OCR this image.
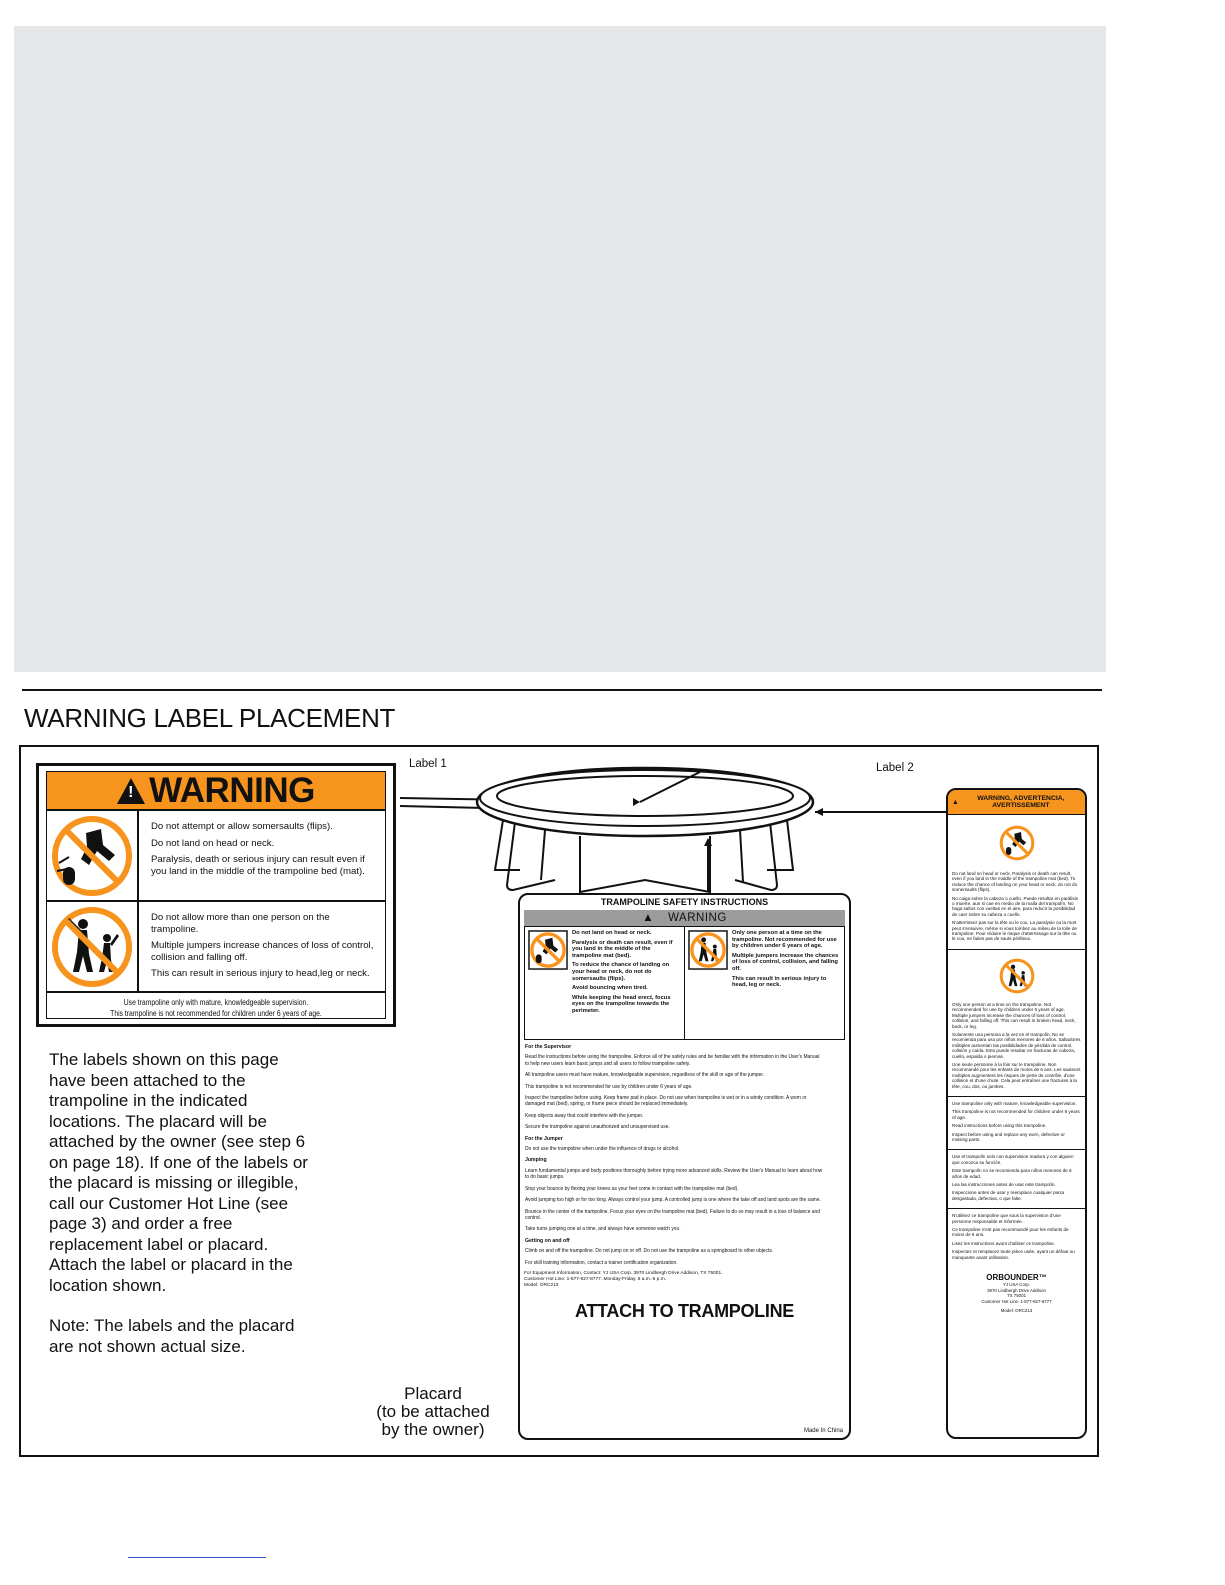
WARNING LABEL PLACEMENT
Label 1	Label 2
! WARNING
Do not attempt or allow somersaults (flips).
Do not land on head or neck.
Paralysis, death or serious injury can result even if you land in the middle of the trampoline bed (mat).
Do not allow more than one person on the trampoline.
Multiple jumpers increase chances of loss of control, collision and falling off.
This can result in serious injury to head,leg or neck.
Use trampoline only with mature, knowledgeable supervision.
This trampoline is not recommended for children under 6 years of age.

The labels shown on this page have been attached to the trampoline in the indicated locations. The placard will be attached by the owner (see step 6 on page 18). If one of the labels or the placard is missing or illegible, call our Customer Hot Line (see page 3) and order a free replacement label or placard. Attach the label or placard in the location shown.

Note: The labels and the placard are not shown actual size.

Placard
(to be attached
by the owner)
TRAMPOLINE SAFETY INSTRUCTIONS
▲ WARNING
Do not land on head or neck.
Paralysis or death can result, even if you land in the middle of the trampoline mat (bed).
To reduce the chance of landing on your head or neck, do not do somersaults (flips).
Avoid bouncing when tired.
While keeping the head erect, focus eyes on the trampoline towards the perimeter.
Only one person at a time on the trampoline. Not recommended for use by children under 6 years of age.
Multiple jumpers increase the chances of loss of control, collision, and falling off.
This can result in serious injury to head, leg or neck.
For the Supervisor

Read the instructions before using the trampoline. Enforce all of the safety rules and be familiar with the information in the User's Manual to help new users learn basic jumps and all users to follow trampoline safety.

All trampoline users must have mature, knowledgeable supervision, regardless of the skill or age of the jumper.

This trampoline is not recommended for use by children under 6 years of age.

Inspect the trampoline before using. Keep frame pad in place. Do not use when trampoline is wet or in a windy condition. A worn or damaged mat (bed), spring, or frame piece should be replaced immediately.

Keep objects away that could interfere with the jumper.

Secure the trampoline against unauthorized and unsupervised use.

For the Jumper

Do not use the trampoline when under the influence of drugs or alcohol.

Jumping

Learn fundamental jumps and body positions thoroughly before trying more advanced skills. Review the User's Manual to learn about how to do basic jumps.

Stop your bounce by flexing your knees as your feet come in contact with the trampoline mat (bed).

Avoid jumping too high or for too long. Always control your jump. A controlled jump is one where the take off and land spots are the same.

Bounce in the center of the trampoline. Focus your eyes on the trampoline mat (bed). Failure to do so may result in a loss of balance and control.

Take turns jumping one at a time, and always have someone watch you.

Getting on and off

Climb on and off the trampoline. Do not jump on or off. Do not use the trampoline as a springboard to other objects.

For skill training information, contact a trainer certification organization.

For Equipment Information, Contact: YJ USA Corp. 3970 Lindbergh Drive Addison, TX 75001.
Customer Hot Line: 1-877-927-8777. Monday-Friday, 8 a.m.-5 p.m.
Model: ORC213
ATTACH TO TRAMPOLINE
Made In China
▲	WARNING, ADVERTENCIA, AVERTISSEMENT

Do not land on head or neck. Paralysis or death can result, even if you land in the middle of the trampoline mat (bed). To reduce the chance of landing on your head or neck, do not do somersaults (flips).

No caiga sobre la cabeza o cuello. Puede resultar en parálisis o muerte, aun si cae en medio de la malla del trampolín. No haga saltos con vueltas en el aire, para reducir la posibilidad de caer sobre su cabeza o cuello.

N'atterrissez pas sur la tête ou le cou. La paralysie ou la mort peut s'ensuivre, même si vous tombez au milieu de la toile de trampoline. Pour réduire le risque d'atterrissage sur la tête ou le cou, ne faites pas de sauts périlleux.

Only one person at a time on the trampoline. Not recommended for use by children under 6 years of age. Multiple jumpers increase the chances of loss of control, collision, and falling off. This can result in broken head, neck, back, or leg.

Solamente una persona a la vez en el trampolín. No se recomienda para uso por niños menores de 6 años. Saltadores múltiples aumentan las posibilidades de pérdida de control, colisión y caída. Esto puede resultar en fracturas de cabeza, cuello, espalda o piernas.

Une seule personne à la fois sur le trampoline. Non recommandé pour les enfants de moins de 6 ans. Les sauteurs multiples augmentent les risques de perte de contrôle, d'une collision et d'une chute. Cela peut entraîner une fractures à la tête, cou, dos, ou jambes.

Use trampoline only with mature, knowledgeable supervision.

This trampoline is not recommended for children under 6 years of age.

Read instructions before using this trampoline.

Inspect before using and replace any worn, defective or missing parts.

Use el trampolín solo con supervision madura y con alguien que conozca su función.

Este trampolín no se recomienda para niños menores de 6 años de edad.

Lea las instrucciones antes de usar este trampolín.

Inspeccione antes de usar y reemplace cualquier pieza desgastada, defectiva, o que falte.

N'utilisez ce trampoline que sous la supervision d'une personne responsable et informée.

Ce trampoline n'est pas recommandé pour les enfants de moins de 6 ans.

Lisez les instructions avant d'utiliser ce trampoline.

Inspectez et remplacez toute pièce usée, ayant un défaut ou manquante avant utilisation.

ORBOUNDER™
YJ USA Corp.
3970 Lindbergh Drive Addison
TX 75001
Customer Hot Line: 1-877-927-8777
Model: ORC213
